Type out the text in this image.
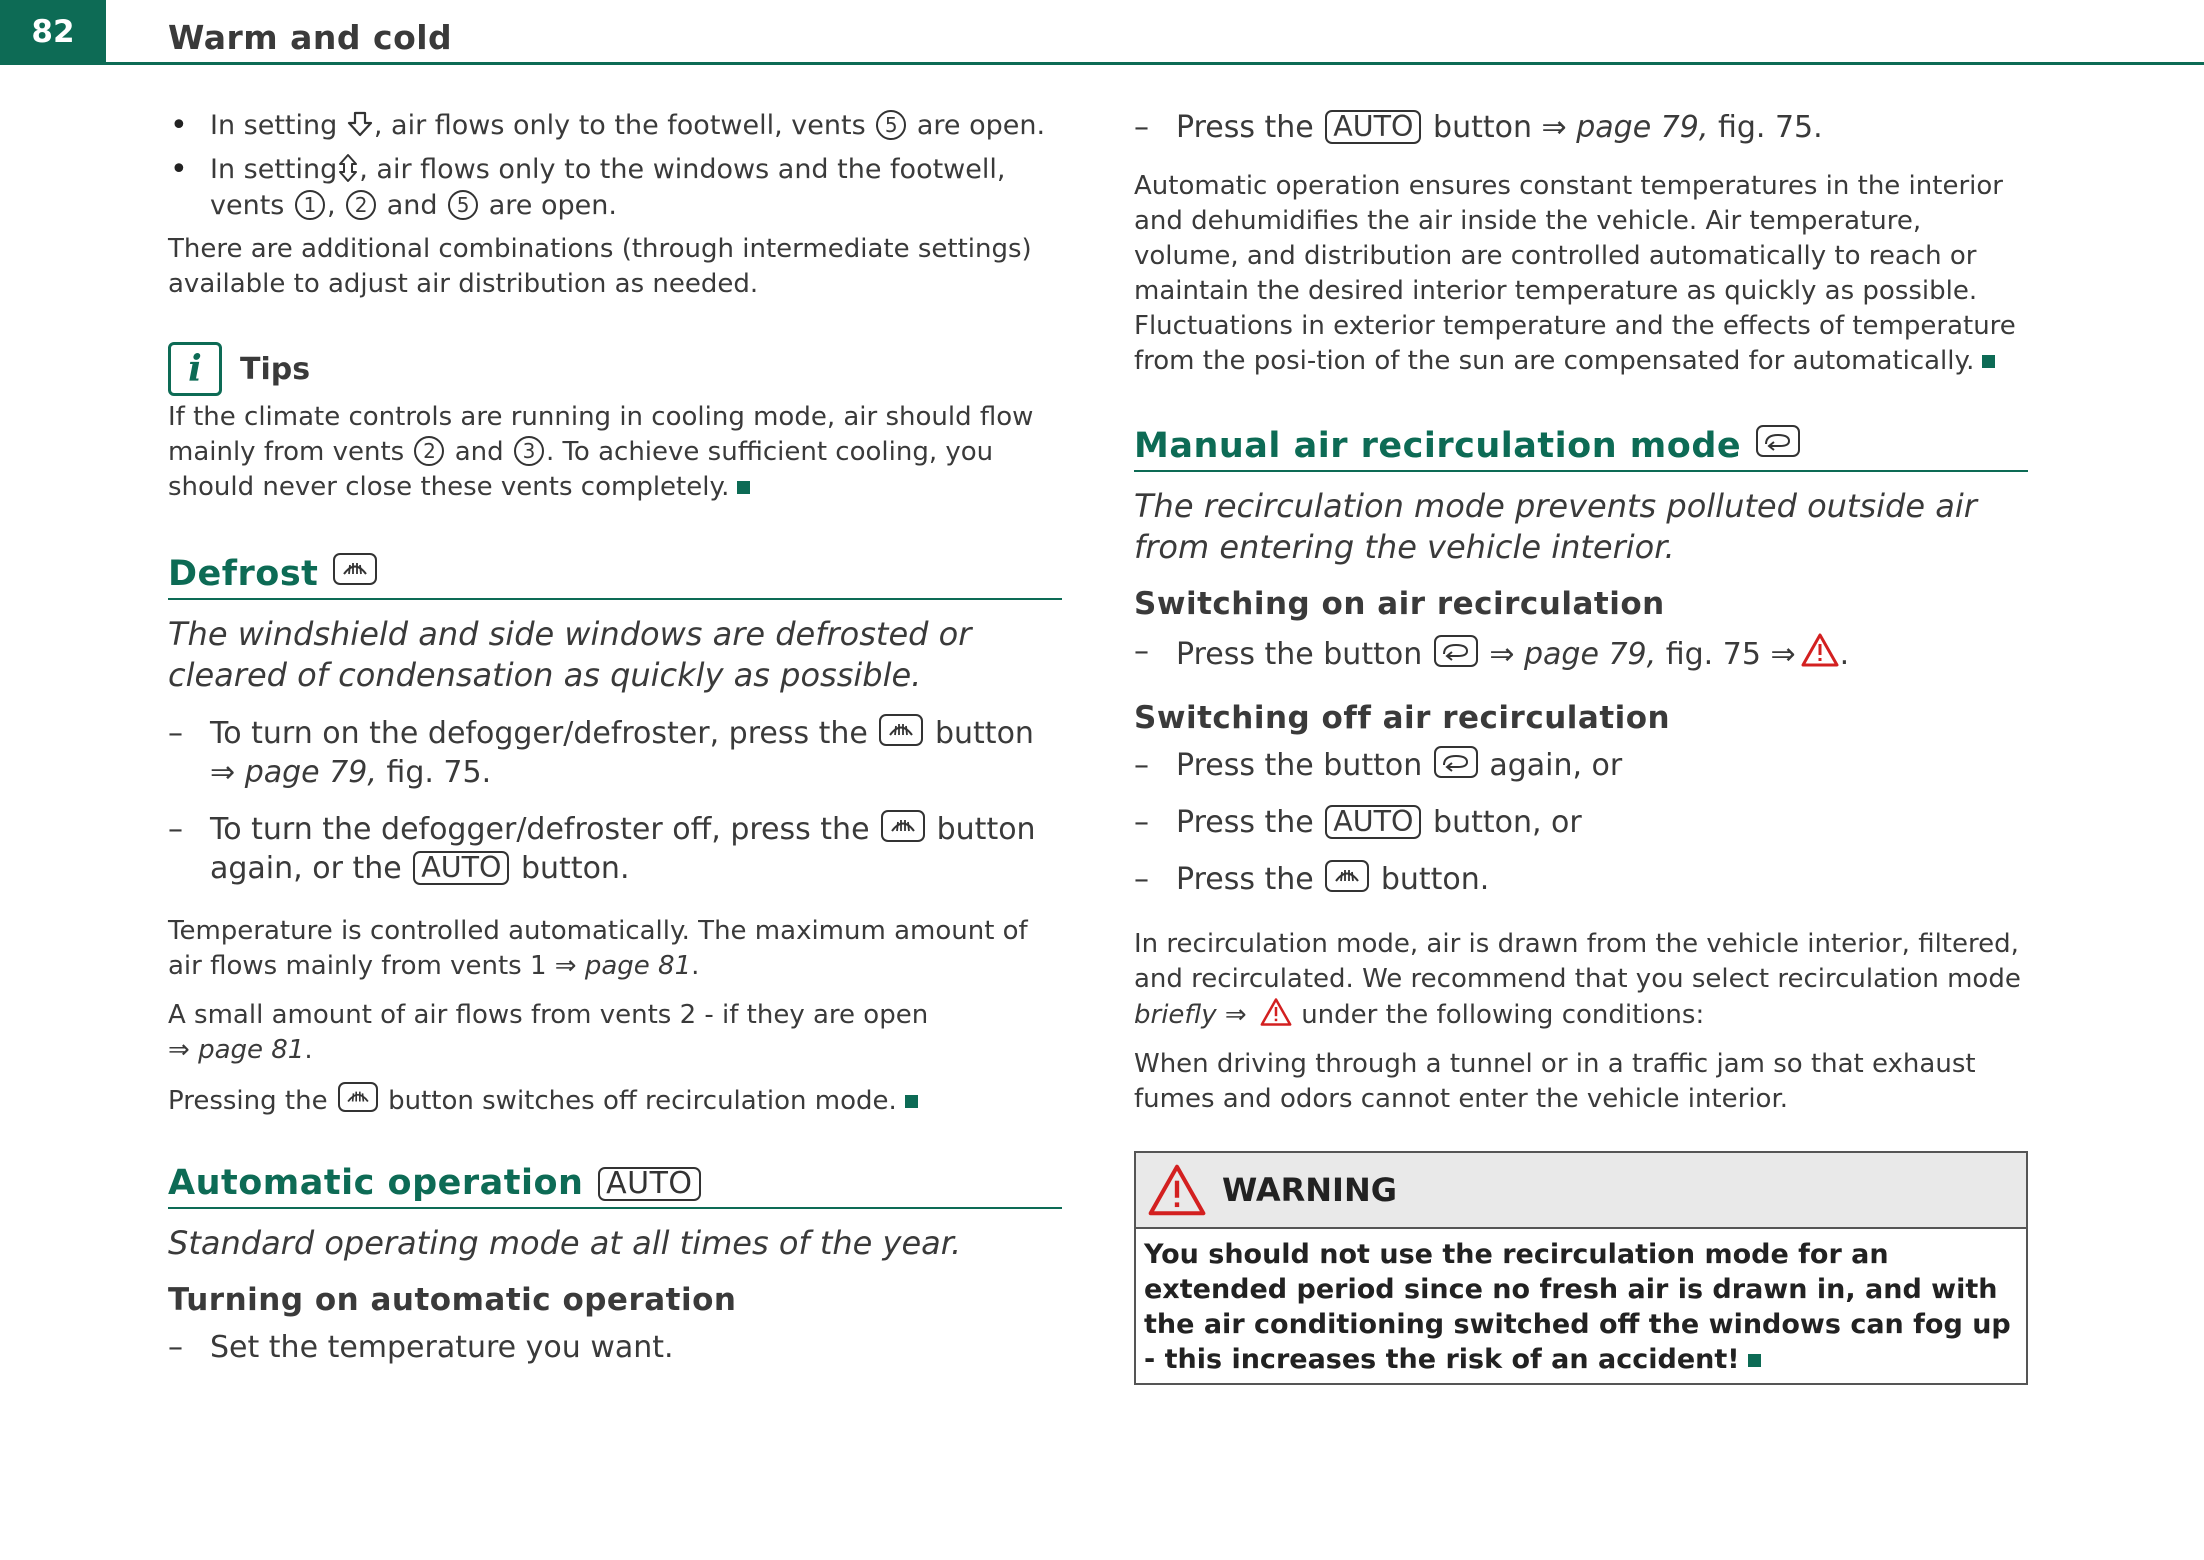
82	Warm and cold
• In setting , air flows only to the footwell, vents 5 are open.
• In setting , air flows only to the windows and the footwell, vents 1 , 2 and 5 are open.

There are additional combinations (through intermediate settings) available to adjust air distribution as needed.

i	Tips

If the climate controls are running in cooling mode, air should flow mainly from vents 2 and 3 . To achieve sufficient cooling, you should never close these vents completely.

Defrost

The windshield and side windows are defrosted or cleared of condensation as quickly as possible.

– To turn on the defogger/defroster, press the button ⇒ page 79, fig. 75.
– To turn the defogger/defroster off, press the button again, or the AUTO button.

Temperature is controlled automatically. The maximum amount of air flows mainly from vents 1 ⇒ page 81.

A small amount of air flows from vents 2 - if they are open
⇒ page 81.

Pressing the button switches off recirculation mode.

Automatic operation AUTO

Standard operating mode at all times of the year.

Turning on automatic operation
– Set the temperature you want.
– Press the AUTO button ⇒ page 79, fig. 75.

Automatic operation ensures constant temperatures in the interior and dehumidifies the air inside the vehicle. Air temperature, volume, and distribution are controlled automatically to reach or maintain the desired interior temperature as quickly as possible. Fluctuations in exterior temperature and the effects of temperature from the posi-tion of the sun are compensated for automatically.

Manual air recirculation mode

The recirculation mode prevents polluted outside air from entering the vehicle interior.

Switching on air recirculation
– Press the button ⇒ page 79, fig. 75 ⇒ .
Switching off air recirculation
– Press the button again, or
– Press the AUTO button, or
– Press the button.

In recirculation mode, air is drawn from the vehicle interior, filtered, and recirculated. We recommend that you select recirculation mode briefly ⇒ under the following conditions:

When driving through a tunnel or in a traffic jam so that exhaust fumes and odors cannot enter the vehicle interior.

WARNING
You should not use the recirculation mode for an extended period since no fresh air is drawn in, and with the air conditioning switched off the windows can fog up - this increases the risk of an accident!
